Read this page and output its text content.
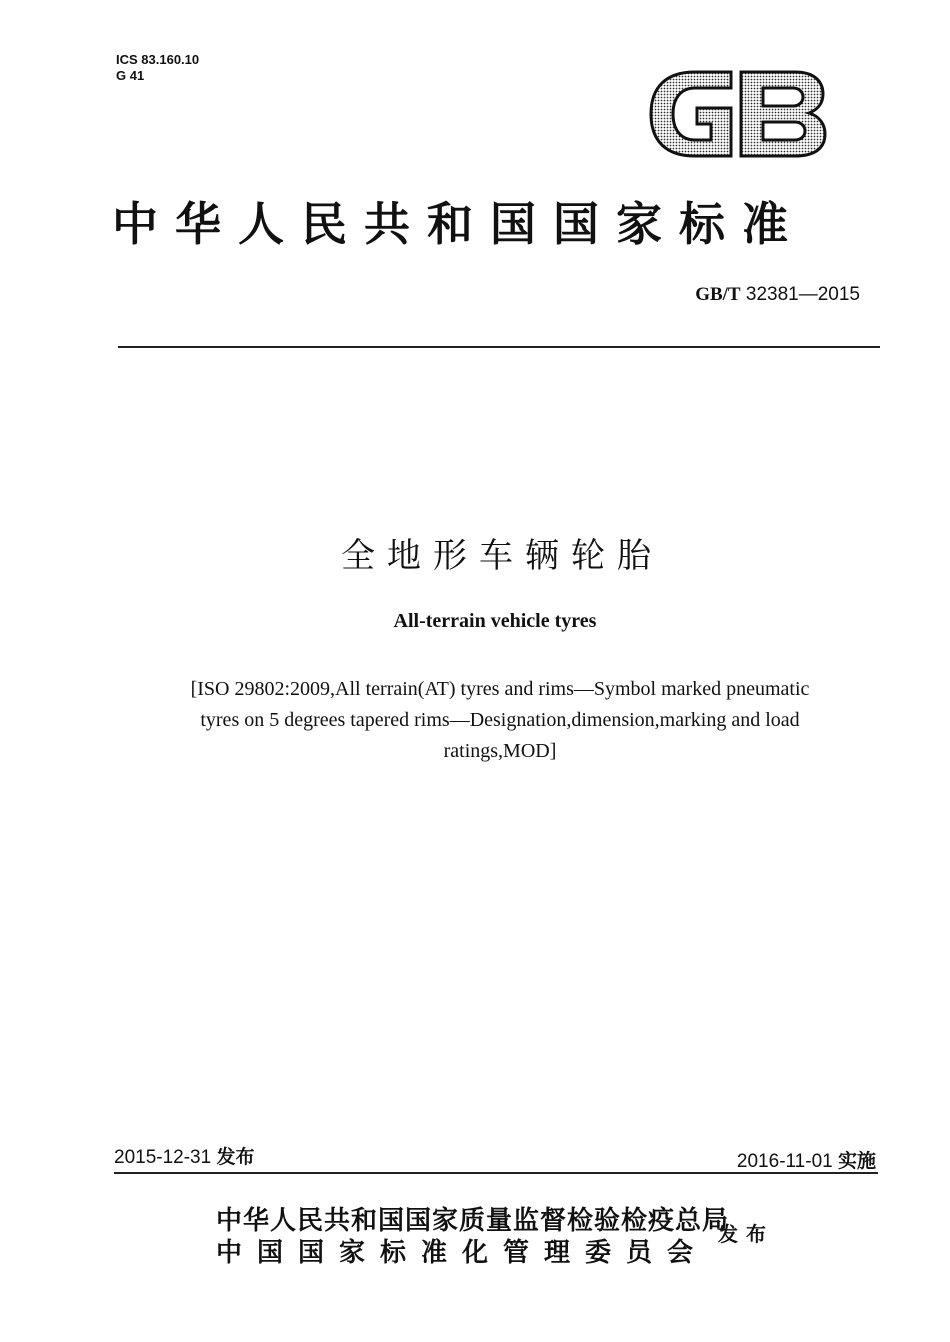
ICS 83.160.10
G 41
中华人民共和国国家标准
GB/T 32381—2015
全地形车辆轮胎
All-terrain vehicle tyres
[ISO 29802:2009,All terrain(AT) tyres and rims—Symbol marked pneumatic
tyres on 5 degrees tapered rims—Designation,dimension,marking and load
ratings,MOD]
2015-12-31 发布	2016-11-01 实施
中华人民共和国国家质量监督检验检疫总局
中国国家标准化管理委员会
发布
